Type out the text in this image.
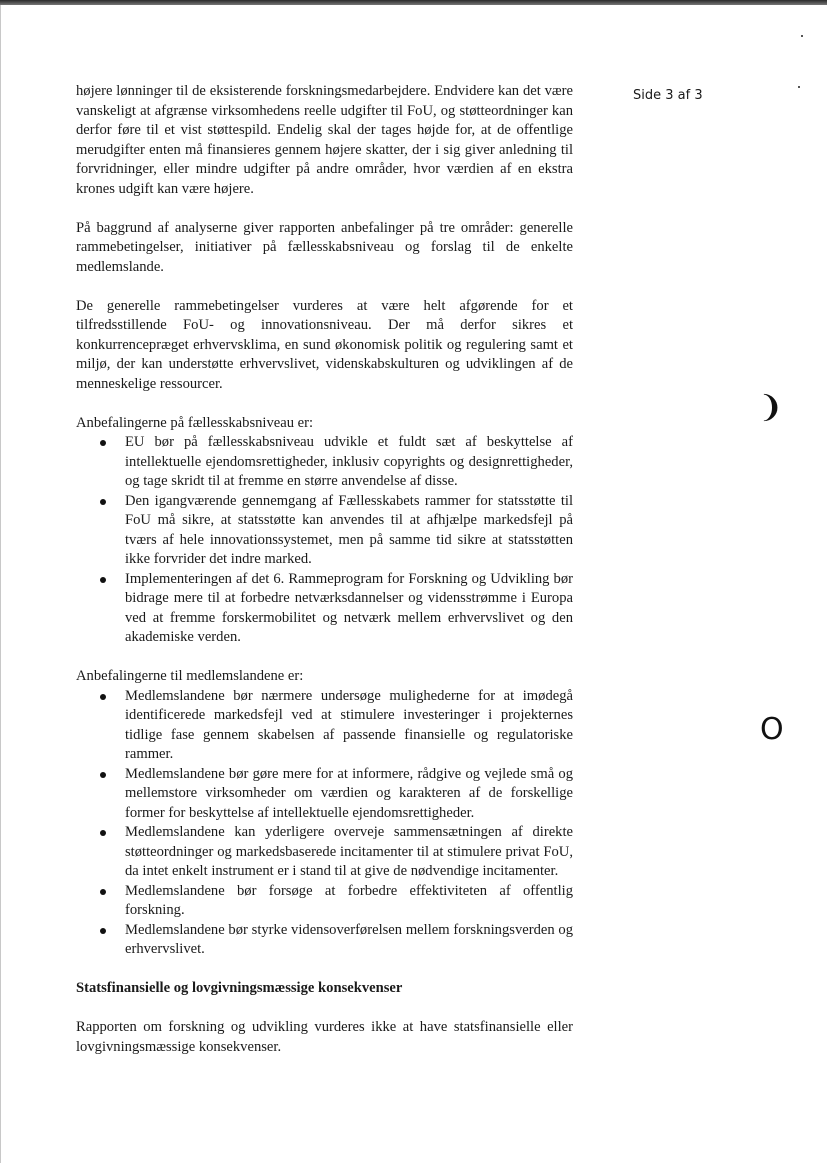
Side 3 af 3
❩
O

højere lønninger til de eksisterende forskningsmedarbejdere. Endvidere kan det være vanskeligt at afgrænse virksomhedens reelle udgifter til FoU, og støtteordninger kan derfor føre til et vist støttespild. Endelig skal der tages højde for, at de offentlige merudgifter enten må finansieres gennem højere skatter, der i sig giver anledning til forvridninger, eller mindre udgifter på andre områder, hvor værdien af en ekstra krones udgift kan være højere.

På baggrund af analyserne giver rapporten anbefalinger på tre områder: generelle rammebetingelser, initiativer på fællesskabsniveau og forslag til de enkelte medlemslande.

De generelle rammebetingelser vurderes at være helt afgørende for et tilfredsstillende FoU- og innovationsniveau. Der må derfor sikres et konkurrencepræget erhvervsklima, en sund økonomisk politik og regulering samt et miljø, der kan understøtte erhvervslivet, videnskabskulturen og udviklingen af de menneskelige ressourcer.

Anbefalingerne på fællesskabsniveau er:

EU bør på fællesskabsniveau udvikle et fuldt sæt af beskyttelse af intellektuelle ejendomsrettigheder, inklusiv copyrights og designrettigheder, og tage skridt til at fremme en større anvendelse af disse.
Den igangværende gennemgang af Fællesskabets rammer for statsstøtte til FoU må sikre, at statsstøtte kan anvendes til at afhjælpe markedsfejl på tværs af hele innovationssystemet, men på samme tid sikre at statsstøtten ikke forvrider det indre marked.
Implementeringen af det 6. Rammeprogram for Forskning og Udvikling bør bidrage mere til at forbedre netværksdannelser og vidensstrømme i Europa ved at fremme forskermobilitet og netværk mellem erhvervslivet og den akademiske verden.

Anbefalingerne til medlemslandene er:

Medlemslandene bør nærmere undersøge mulighederne for at imødegå identificerede markedsfejl ved at stimulere investeringer i projekternes tidlige fase gennem skabelsen af passende finansielle og regulatoriske rammer.
Medlemslandene bør gøre mere for at informere, rådgive og vejlede små og mellemstore virksomheder om værdien og karakteren af de forskellige former for beskyttelse af intellektuelle ejendomsrettigheder.
Medlemslandene kan yderligere overveje sammensætningen af direkte støtteordninger og markedsbaserede incitamenter til at stimulere privat FoU, da intet enkelt instrument er i stand til at give de nødvendige incitamenter.
Medlemslandene bør forsøge at forbedre effektiviteten af offentlig forskning.
Medlemslandene bør styrke vidensoverførelsen mellem forskningsverden og erhvervslivet.

Statsfinansielle og lovgivningsmæssige konsekvenser

Rapporten om forskning og udvikling vurderes ikke at have statsfinansielle eller lovgivningsmæssige konsekvenser.
